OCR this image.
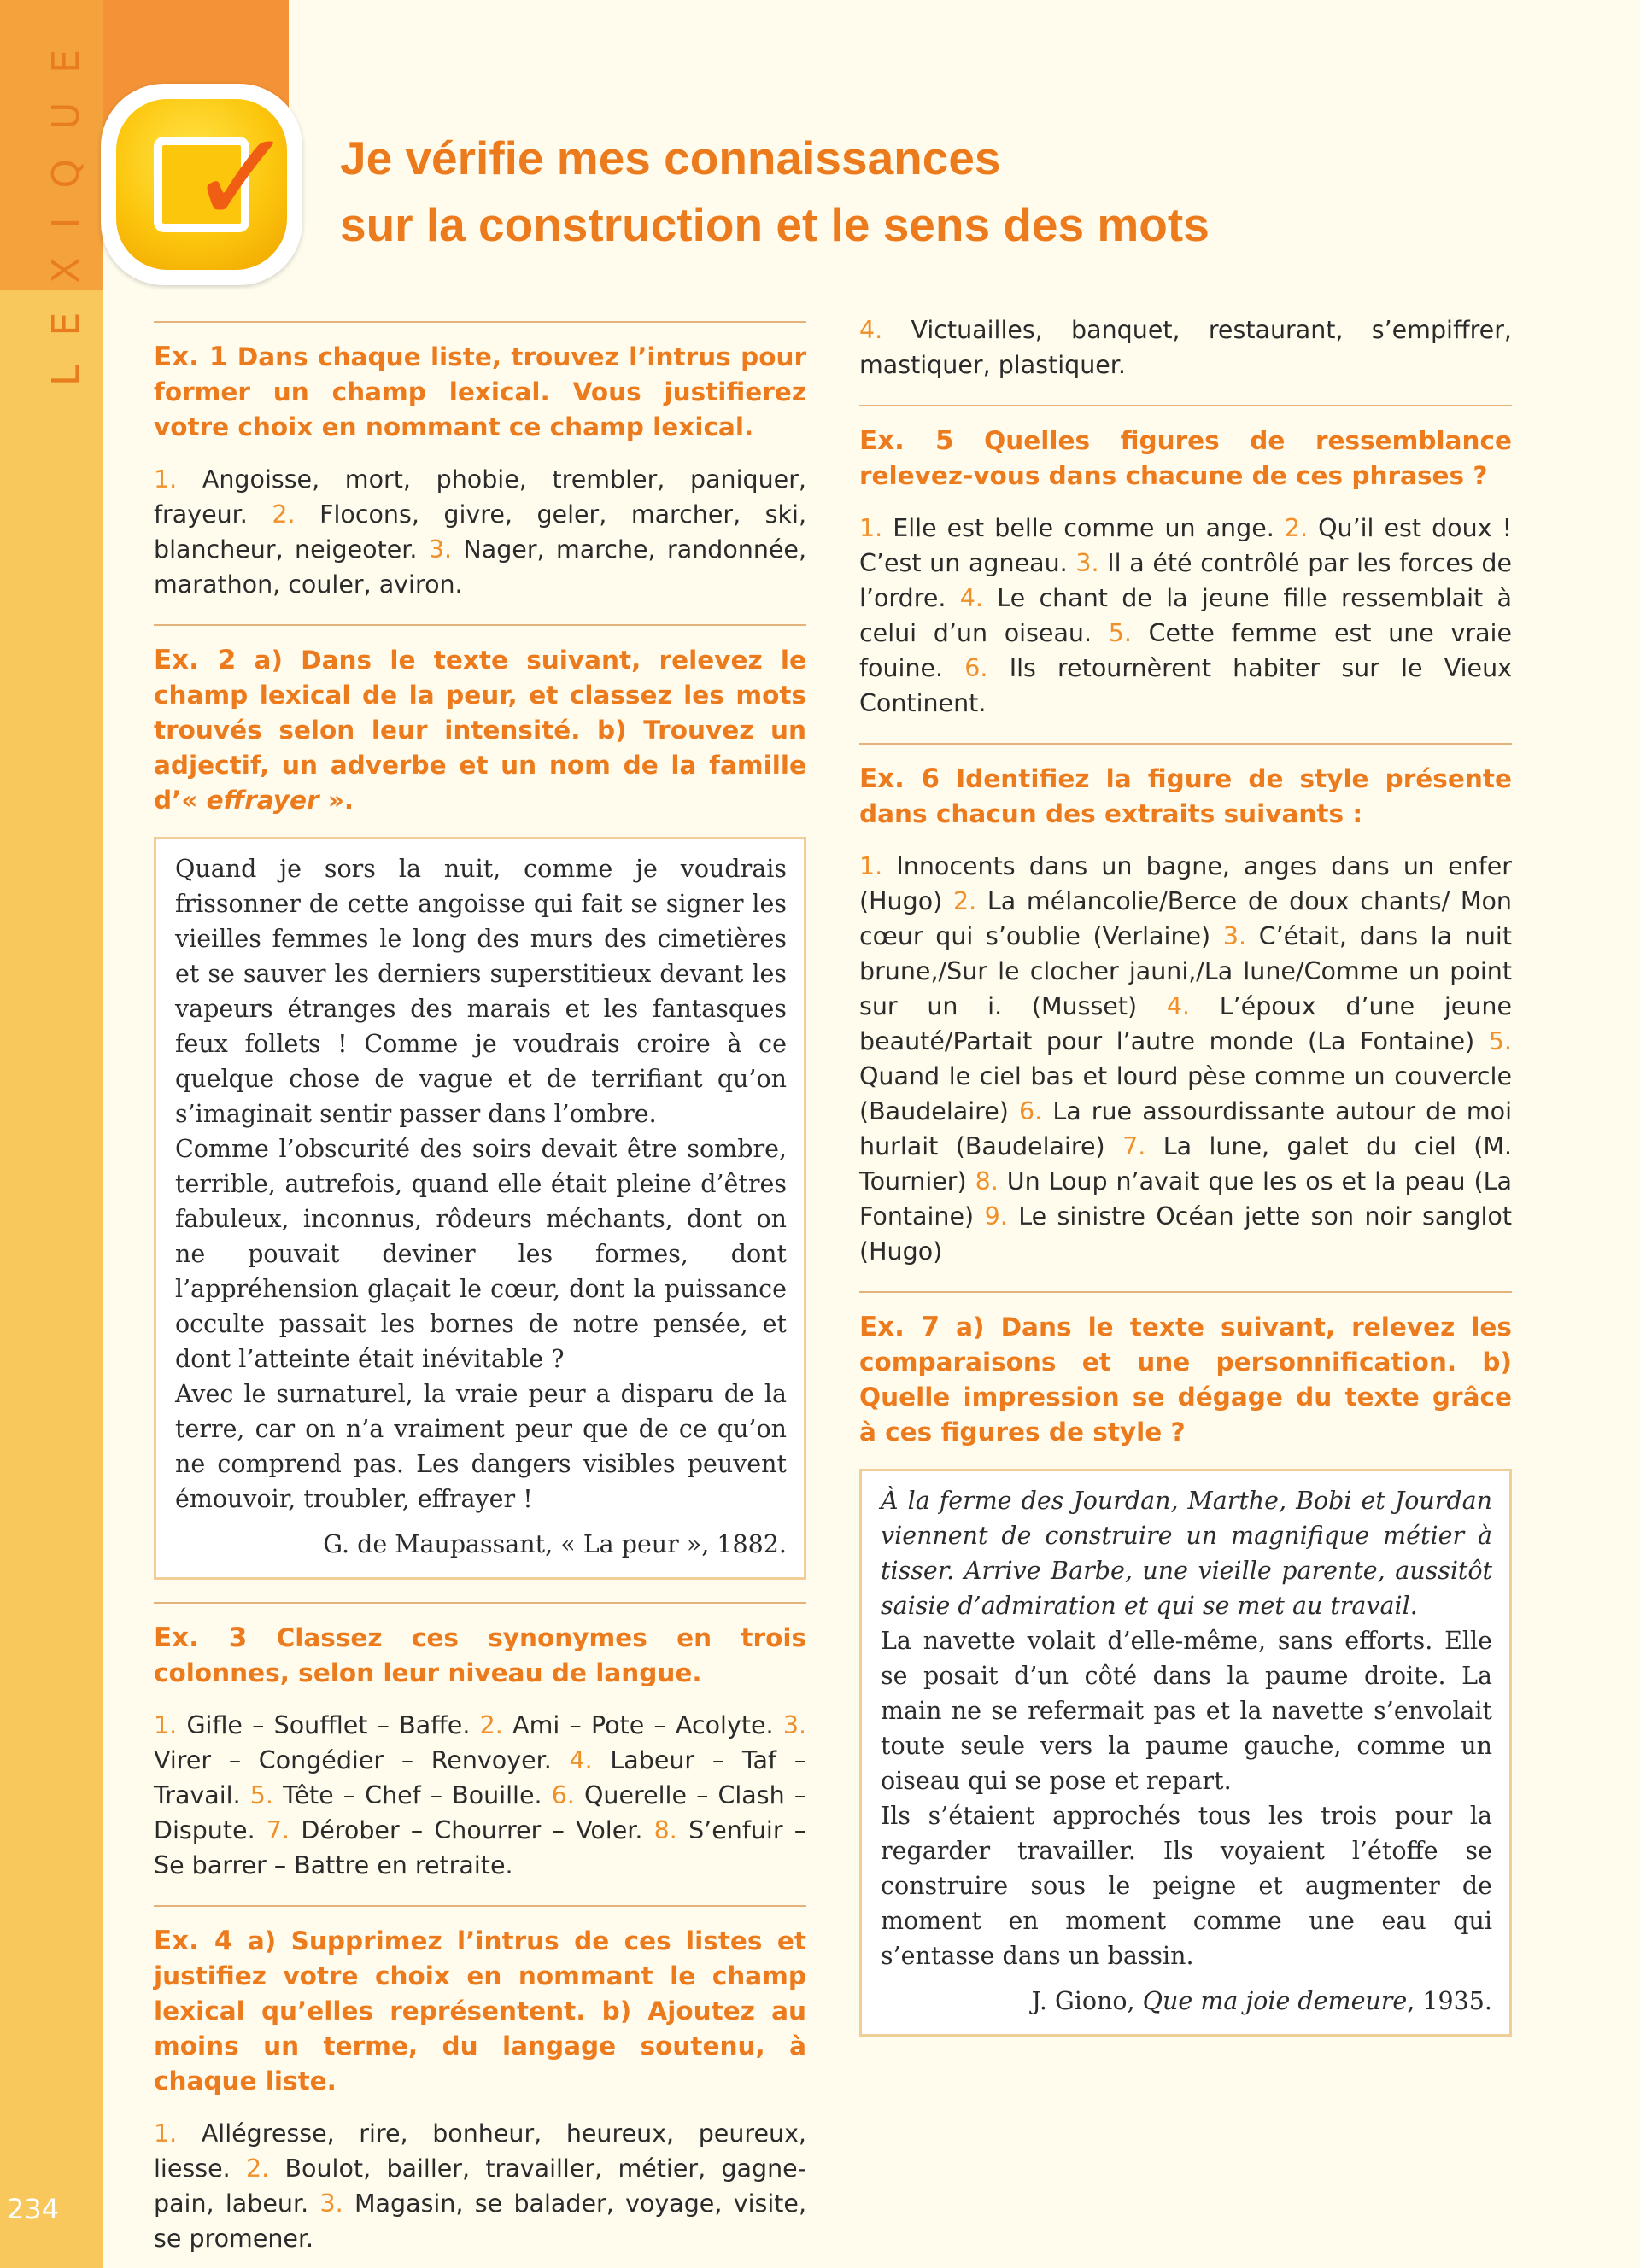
LEXIQUE
234
✓ Je vérifie mes connaissances
sur la construction et le sens des mots
Ex. 1 Dans chaque liste, trouvez l’intrus pour former un champ lexical. Vous justifierez votre choix en nommant ce champ lexical.
1. Angoisse, mort, phobie, trembler, paniquer, frayeur. 2. Flocons, givre, geler, marcher, ski, blancheur, neigeoter. 3. Nager, marche, randonnée, marathon, couler, aviron.
Ex. 2 a) Dans le texte suivant, relevez le champ lexical de la peur, et classez les mots trouvés selon leur intensité. b) Trouvez un adjectif, un adverbe et un nom de la famille d’« effrayer ».

Quand je sors la nuit, comme je voudrais frissonner de cette angoisse qui fait se signer les vieilles femmes le long des murs des cimetières et se sauver les derniers superstitieux devant les vapeurs étranges des marais et les fantasques feux follets ! Comme je voudrais croire à ce quelque chose de vague et de terrifiant qu’on s’imaginait sentir passer dans l’ombre.

Comme l’obscurité des soirs devait être sombre, terrible, autrefois, quand elle était pleine d’êtres fabuleux, inconnus, rôdeurs méchants, dont on ne pouvait deviner les formes, dont l’appréhension glaçait le cœur, dont la puissance occulte passait les bornes de notre pensée, et dont l’atteinte était inévitable ?

Avec le surnaturel, la vraie peur a disparu de la terre, car on n’a vraiment peur que de ce qu’on ne comprend pas. Les dangers visibles peuvent émouvoir, troubler, effrayer !

G. de Maupassant, « La peur », 1882.

Ex. 3 Classez ces synonymes en trois colonnes, selon leur niveau de langue.
1. Gifle – Soufflet – Baffe. 2. Ami – Pote – Acolyte. 3. Virer – Congédier – Renvoyer. 4. Labeur – Taf – Travail. 5. Tête – Chef – Bouille. 6. Querelle – Clash – Dispute. 7. Dérober – Chourrer – Voler. 8. S’enfuir – Se barrer – Battre en retraite.
Ex. 4 a) Supprimez l’intrus de ces listes et justifiez votre choix en nommant le champ lexical qu’elles représentent. b) Ajoutez au moins un terme, du langage soutenu, à chaque liste.
1. Allégresse, rire, bonheur, heureux, peureux, liesse. 2. Boulot, bailler, travailler, métier, gagne-pain, labeur. 3. Magasin, se balader, voyage, visite, se promener.
4. Victuailles, banquet, restaurant, s’empiffrer, mastiquer, plastiquer.
Ex. 5 Quelles figures de ressemblance relevez-vous dans chacune de ces phrases ?
1. Elle est belle comme un ange. 2. Qu’il est doux ! C’est un agneau. 3. Il a été contrôlé par les forces de l’ordre. 4. Le chant de la jeune fille ressemblait à celui d’un oiseau. 5. Cette femme est une vraie fouine. 6. Ils retournèrent habiter sur le Vieux Continent.
Ex. 6 Identifiez la figure de style présente dans chacun des extraits suivants :
1. Innocents dans un bagne, anges dans un enfer (Hugo) 2. La mélancolie/Berce de doux chants/ Mon cœur qui s’oublie (Verlaine) 3. C’était, dans la nuit brune,/Sur le clocher jauni,/La lune/Comme un point sur un i. (Musset) 4. L’époux d’une jeune beauté/Partait pour l’autre monde (La Fontaine) 5. Quand le ciel bas et lourd pèse comme un couvercle (Baudelaire) 6. La rue assourdissante autour de moi hurlait (Baudelaire) 7. La lune, galet du ciel (M. Tournier) 8. Un Loup n’avait que les os et la peau (La Fontaine) 9. Le sinistre Océan jette son noir sanglot (Hugo)
Ex. 7 a) Dans le texte suivant, relevez les comparaisons et une personnification. b) Quelle impression se dégage du texte grâce à ces figures de style ?

À la ferme des Jourdan, Marthe, Bobi et Jourdan viennent de construire un magnifique métier à tisser. Arrive Barbe, une vieille parente, aussitôt saisie d’admiration et qui se met au travail.

La navette volait d’elle-même, sans efforts. Elle se posait d’un côté dans la paume droite. La main ne se refermait pas et la navette s’envolait toute seule vers la paume gauche, comme un oiseau qui se pose et repart.

Ils s’étaient approchés tous les trois pour la regarder travailler. Ils voyaient l’étoffe se construire sous le peigne et augmenter de moment en moment comme une eau qui s’entasse dans un bassin.

J. Giono, Que ma joie demeure, 1935.
